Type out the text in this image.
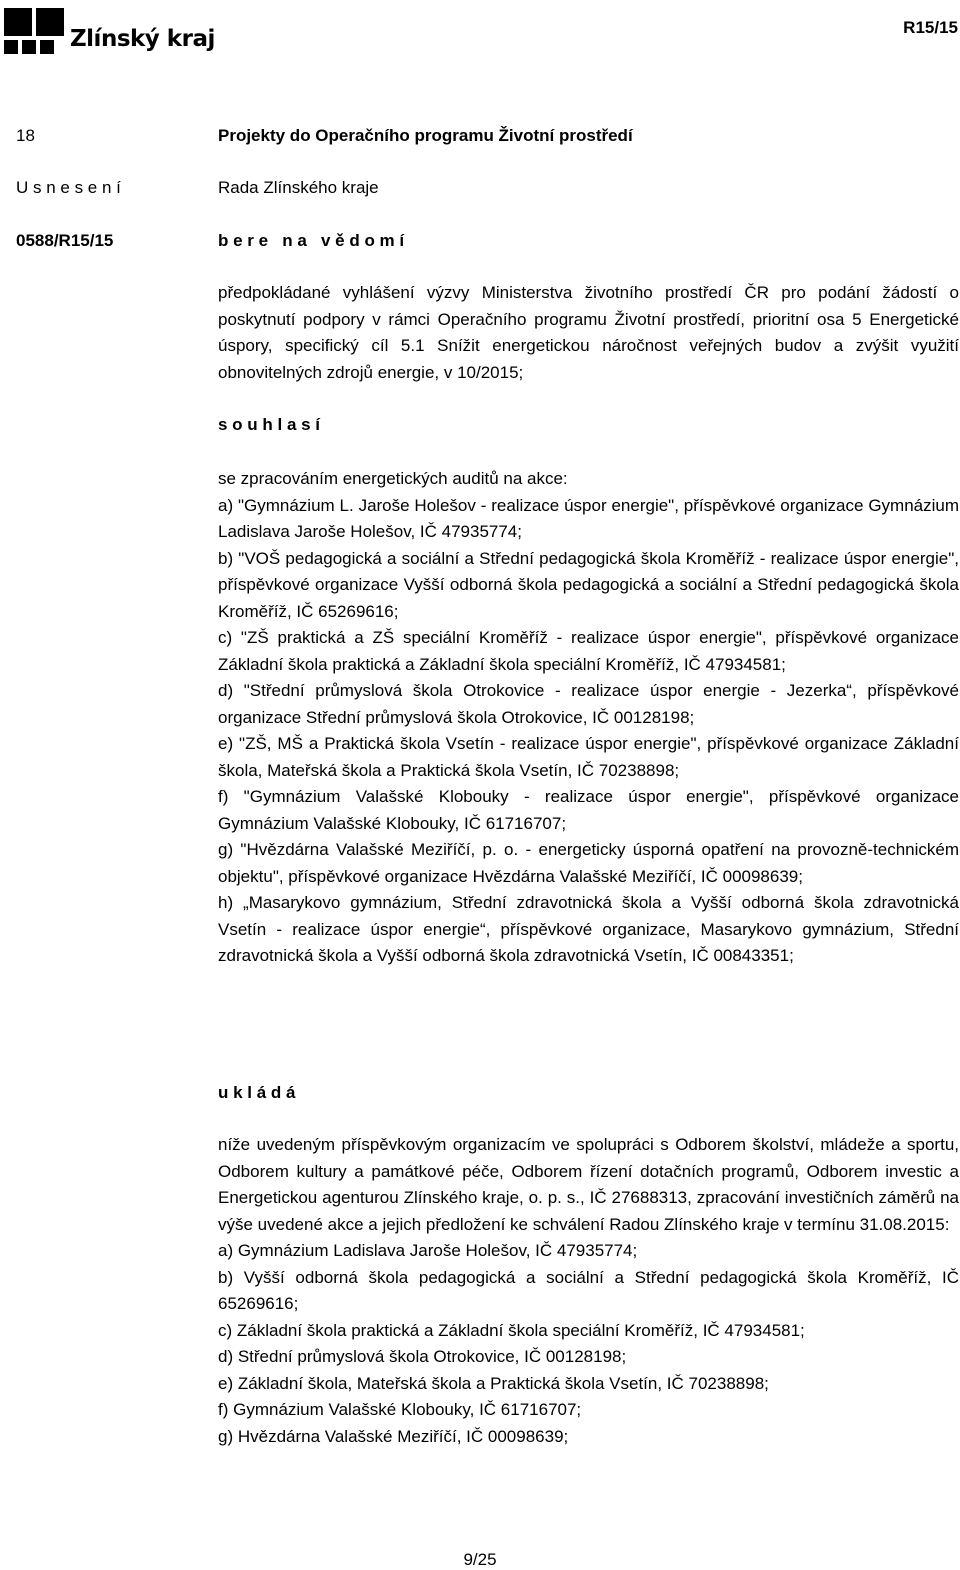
Zlínský kraj	R15/15
18	Projekty do Operačního programu Životní prostředí
U s n e s e n í	Rada Zlínského kraje
0588/R15/15	b e r e   n a   v ě d o m í

předpokládané vyhlášení výzvy Ministerstva životního prostředí ČR pro podání žádostí o poskytnutí podpory v rámci Operačního programu Životní prostředí, prioritní osa 5 Energetické úspory, specifický cíl 5.1 Snížit energetickou náročnost veřejných budov a zvýšit využití obnovitelných zdrojů energie, v 10/2015;

s o u h l a s í

se zpracováním energetických auditů na akce:

a) "Gymnázium L. Jaroše Holešov - realizace úspor energie", příspěvkové organizace Gymnázium Ladislava Jaroše Holešov, IČ 47935774;

b) "VOŠ pedagogická a sociální a Střední pedagogická škola Kroměříž - realizace úspor energie", příspěvkové organizace Vyšší odborná škola pedagogická a sociální a Střední pedagogická škola Kroměříž, IČ 65269616;

c) "ZŠ praktická a ZŠ speciální Kroměříž - realizace úspor energie", příspěvkové organizace Základní škola praktická a Základní škola speciální Kroměříž, IČ 47934581;

d) "Střední průmyslová škola Otrokovice - realizace úspor energie - Jezerka“, příspěvkové organizace Střední průmyslová škola Otrokovice, IČ 00128198;

e) "ZŠ, MŠ a Praktická škola Vsetín - realizace úspor energie", příspěvkové organizace Základní škola, Mateřská škola a Praktická škola Vsetín, IČ 70238898;

f) "Gymnázium Valašské Klobouky - realizace úspor energie", příspěvkové organizace Gymnázium Valašské Klobouky, IČ 61716707;

g) "Hvězdárna Valašské Meziříčí, p. o. - energeticky úsporná opatření na provozně-technickém objektu", příspěvkové organizace Hvězdárna Valašské Meziříčí, IČ 00098639;

h) „Masarykovo gymnázium, Střední zdravotnická škola a Vyšší odborná škola zdravotnická Vsetín - realizace úspor energie“, příspěvkové organizace, Masarykovo gymnázium, Střední zdravotnická škola a Vyšší odborná škola zdravotnická Vsetín, IČ 00843351;

u k l á d á

níže uvedeným příspěvkovým organizacím ve spolupráci s Odborem školství, mládeže a sportu, Odborem kultury a památkové péče, Odborem řízení dotačních programů, Odborem investic a Energetickou agenturou Zlínského kraje, o. p. s., IČ 27688313, zpracování investičních záměrů na výše uvedené akce a jejich předložení ke schválení Radou Zlínského kraje v termínu 31.08.2015:

a) Gymnázium Ladislava Jaroše Holešov, IČ 47935774;

b) Vyšší odborná škola pedagogická a sociální a Střední pedagogická škola Kroměříž, IČ 65269616;

c) Základní škola praktická a Základní škola speciální Kroměříž, IČ 47934581;

d) Střední průmyslová škola Otrokovice, IČ 00128198;

e) Základní škola, Mateřská škola a Praktická škola Vsetín, IČ 70238898;

f) Gymnázium Valašské Klobouky, IČ 61716707;

g) Hvězdárna Valašské Meziříčí, IČ 00098639;

9/25
